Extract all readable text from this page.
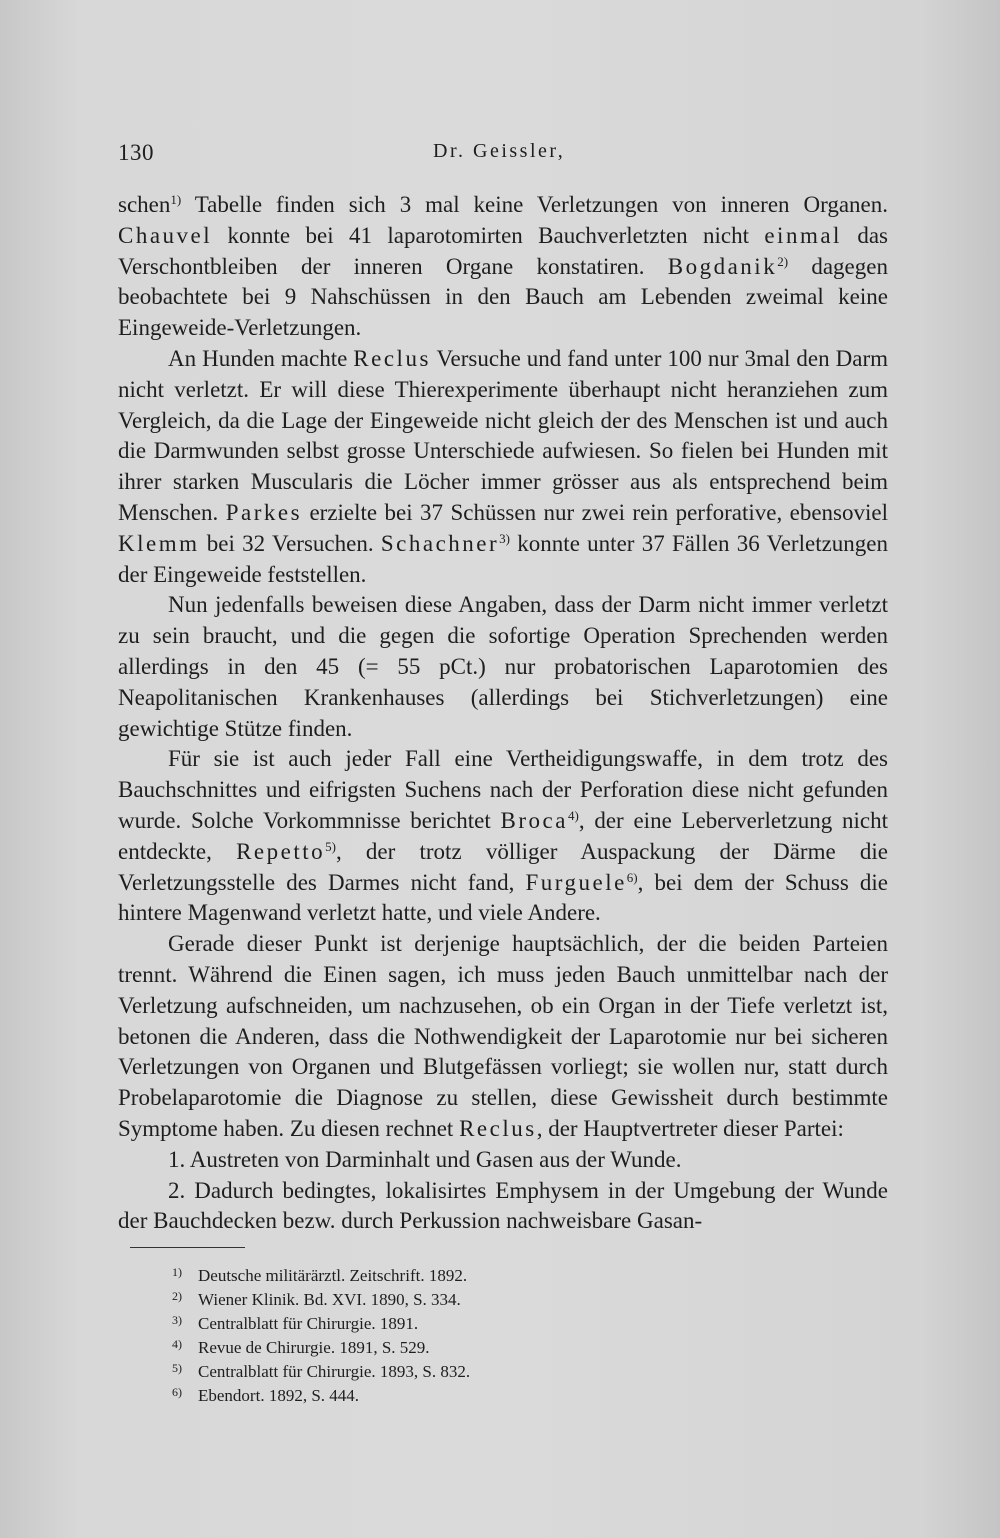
130	Dr. Geissler,

schen$^{1)}$ Tabelle finden sich 3 mal keine Verletzungen von inneren Organen. Chauvel konnte bei 41 laparotomirten Bauchverletzten nicht einmal das Verschontbleiben der inneren Organe konstatiren. Bogdanik$^{2)}$ dagegen beobachtete bei 9 Nahschüssen in den Bauch am Lebenden zweimal keine Eingeweide-Verletzungen.

An Hunden machte Reclus Versuche und fand unter 100 nur 3mal den Darm nicht verletzt. Er will diese Thierexperimente überhaupt nicht heranziehen zum Vergleich, da die Lage der Eingeweide nicht gleich der des Menschen ist und auch die Darmwunden selbst grosse Unterschiede aufwiesen. So fielen bei Hunden mit ihrer starken Muscularis die Löcher immer grösser aus als entsprechend beim Menschen. Parkes erzielte bei 37 Schüssen nur zwei rein perforative, ebensoviel Klemm bei 32 Versuchen. Schachner$^{3)}$ konnte unter 37 Fällen 36 Verletzungen der Eingeweide feststellen.

Nun jedenfalls beweisen diese Angaben, dass der Darm nicht immer verletzt zu sein braucht, und die gegen die sofortige Operation Sprechenden werden allerdings in den 45 (= 55 pCt.) nur probatorischen Laparotomien des Neapolitanischen Krankenhauses (allerdings bei Stichverletzungen) eine gewichtige Stütze finden.

Für sie ist auch jeder Fall eine Vertheidigungswaffe, in dem trotz des Bauchschnittes und eifrigsten Suchens nach der Perforation diese nicht gefunden wurde. Solche Vorkommnisse berichtet Broca$^{4)}$, der eine Leberverletzung nicht entdeckte, Repetto$^{5)}$, der trotz völliger Auspackung der Därme die Verletzungsstelle des Darmes nicht fand, Furguele$^{6)}$, bei dem der Schuss die hintere Magenwand verletzt hatte, und viele Andere.

Gerade dieser Punkt ist derjenige hauptsächlich, der die beiden Parteien trennt. Während die Einen sagen, ich muss jeden Bauch unmittelbar nach der Verletzung aufschneiden, um nachzusehen, ob ein Organ in der Tiefe verletzt ist, betonen die Anderen, dass die Nothwendigkeit der Laparotomie nur bei sicheren Verletzungen von Organen und Blutgefässen vorliegt; sie wollen nur, statt durch Probelaparotomie die Diagnose zu stellen, diese Gewissheit durch bestimmte Symptome haben. Zu diesen rechnet Reclus, der Hauptvertreter dieser Partei:

1. Austreten von Darminhalt und Gasen aus der Wunde.
2. Dadurch bedingtes, lokalisirtes Emphysem in der Umgebung der Wunde der Bauchdecken bezw. durch Perkussion nachweisbare Gasan-
1) Deutsche militärärztl. Zeitschrift. 1892.
2) Wiener Klinik. Bd. XVI. 1890, S. 334.
3) Centralblatt für Chirurgie. 1891.
4) Revue de Chirurgie. 1891, S. 529.
5) Centralblatt für Chirurgie. 1893, S. 832.
6) Ebendort. 1892, S. 444.
